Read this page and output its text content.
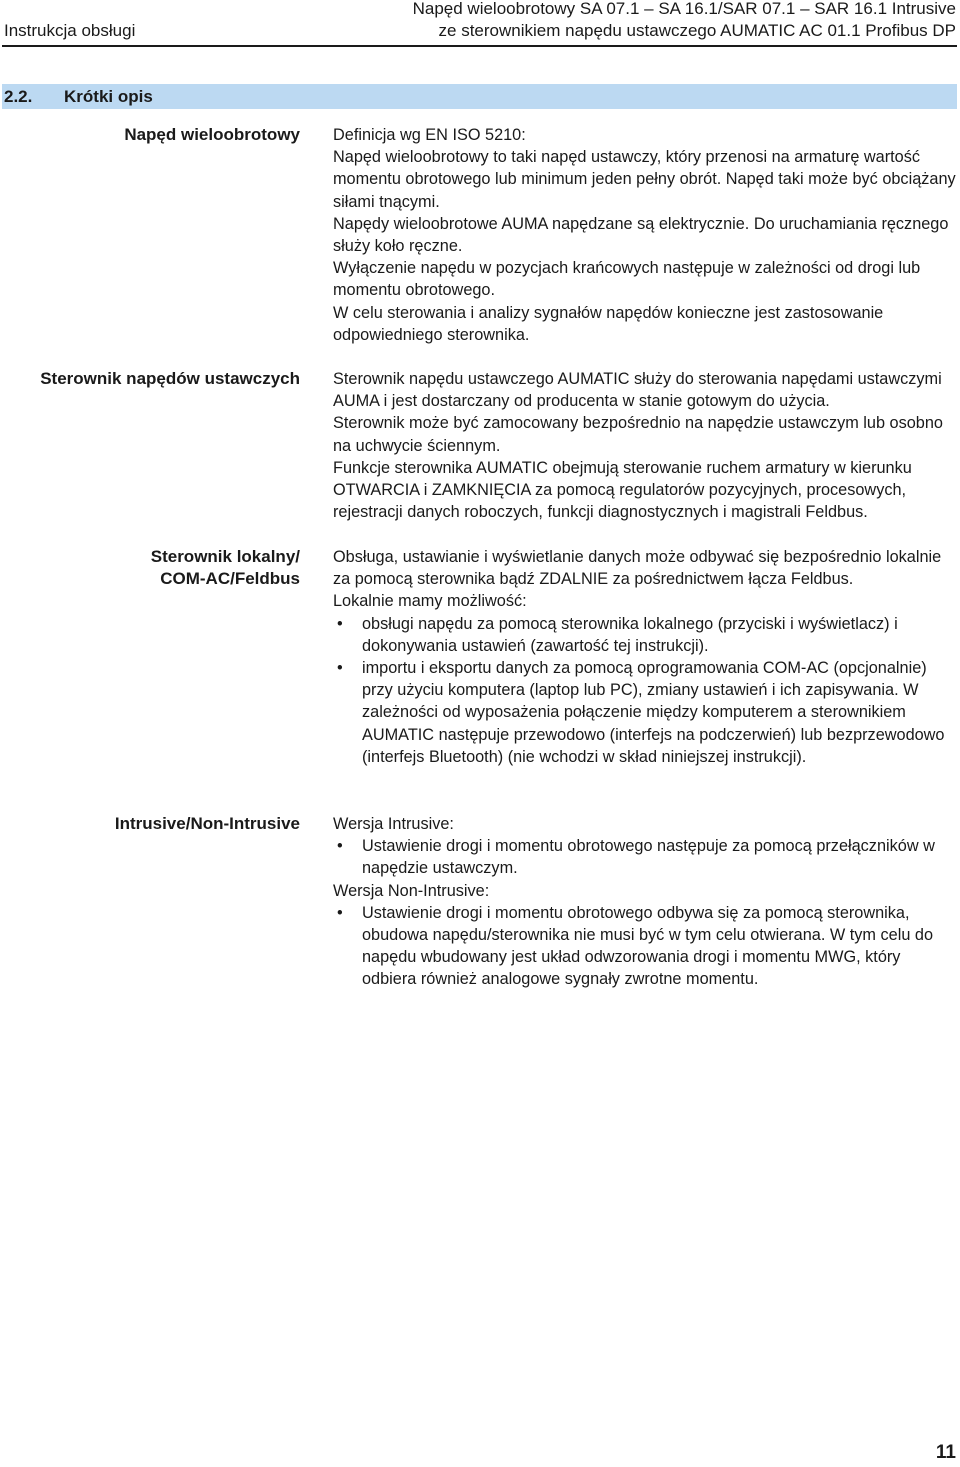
Instrukcja obsługi
Napęd wieloobrotowy SA 07.1 – SA 16.1/SAR 07.1 – SAR 16.1 Intrusive
ze sterownikiem napędu ustawczego AUMATIC AC 01.1 Profibus DP
2.2. Krótki opis
Napęd wieloobrotowy Definicja wg EN ISO 5210:

Napęd wieloobrotowy to taki napęd ustawczy, który przenosi na armaturę wartość momentu obrotowego lub minimum jeden pełny obrót. Napęd taki może być obciążany siłami tnącymi.

Napędy wieloobrotowe AUMA napędzane są elektrycznie. Do uruchamiania ręcznego służy koło ręczne.

Wyłączenie napędu w pozycjach krańcowych następuje w zależności od drogi lub momentu obrotowego.

W celu sterowania i analizy sygnałów napędów konieczne jest zastosowanie odpowiedniego sterownika.

Sterownik napędów ustawczych Sterownik napędu ustawczego AUMATIC służy do sterowania napędami ustawczymi AUMA i jest dostarczany od producenta w stanie gotowym do użycia.

Sterownik może być zamocowany bezpośrednio na napędzie ustawczym lub osobno na uchwycie ściennym.

Funkcje sterownika AUMATIC obejmują sterowanie ruchem armatury w kierunku OTWARCIA i ZAMKNIĘCIA za pomocą regulatorów pozycyjnych, procesowych, rejestracji danych roboczych, funkcji diagnostycznych i magistrali Feldbus.

Sterownik lokalny/
COM-AC/Feldbus

Obsługa, ustawianie i wyświetlanie danych może odbywać się bezpośrednio lokalnie za pomocą sterownika bądź ZDALNIE za pośrednictwem łącza Feldbus.

Lokalnie mamy możliwość:

• obsługi napędu za pomocą sterownika lokalnego (przyciski i wyświetlacz) i dokonywania ustawień (zawartość tej instrukcji).
• importu i eksportu danych za pomocą oprogramowania COM-AC (opcjonalnie) przy użyciu komputera (laptop lub PC), zmiany ustawień i ich zapisywania. W zależności od wyposażenia połączenie między komputerem a sterownikiem AUMATIC następuje przewodowo (interfejs na podczerwień) lub bezprzewodowo (interfejs Bluetooth) (nie wchodzi w skład niniejszej instrukcji).
Intrusive/Non-Intrusive Wersja Intrusive:

• Ustawienie drogi i momentu obrotowego następuje za pomocą przełączników w napędzie ustawczym.

Wersja Non-Intrusive:

• Ustawienie drogi i momentu obrotowego odbywa się za pomocą sterownika, obudowa napędu/sterownika nie musi być w tym celu otwierana. W tym celu do napędu wbudowany jest układ odwzorowania drogi i momentu MWG, który odbiera również analogowe sygnały zwrotne momentu.
11
